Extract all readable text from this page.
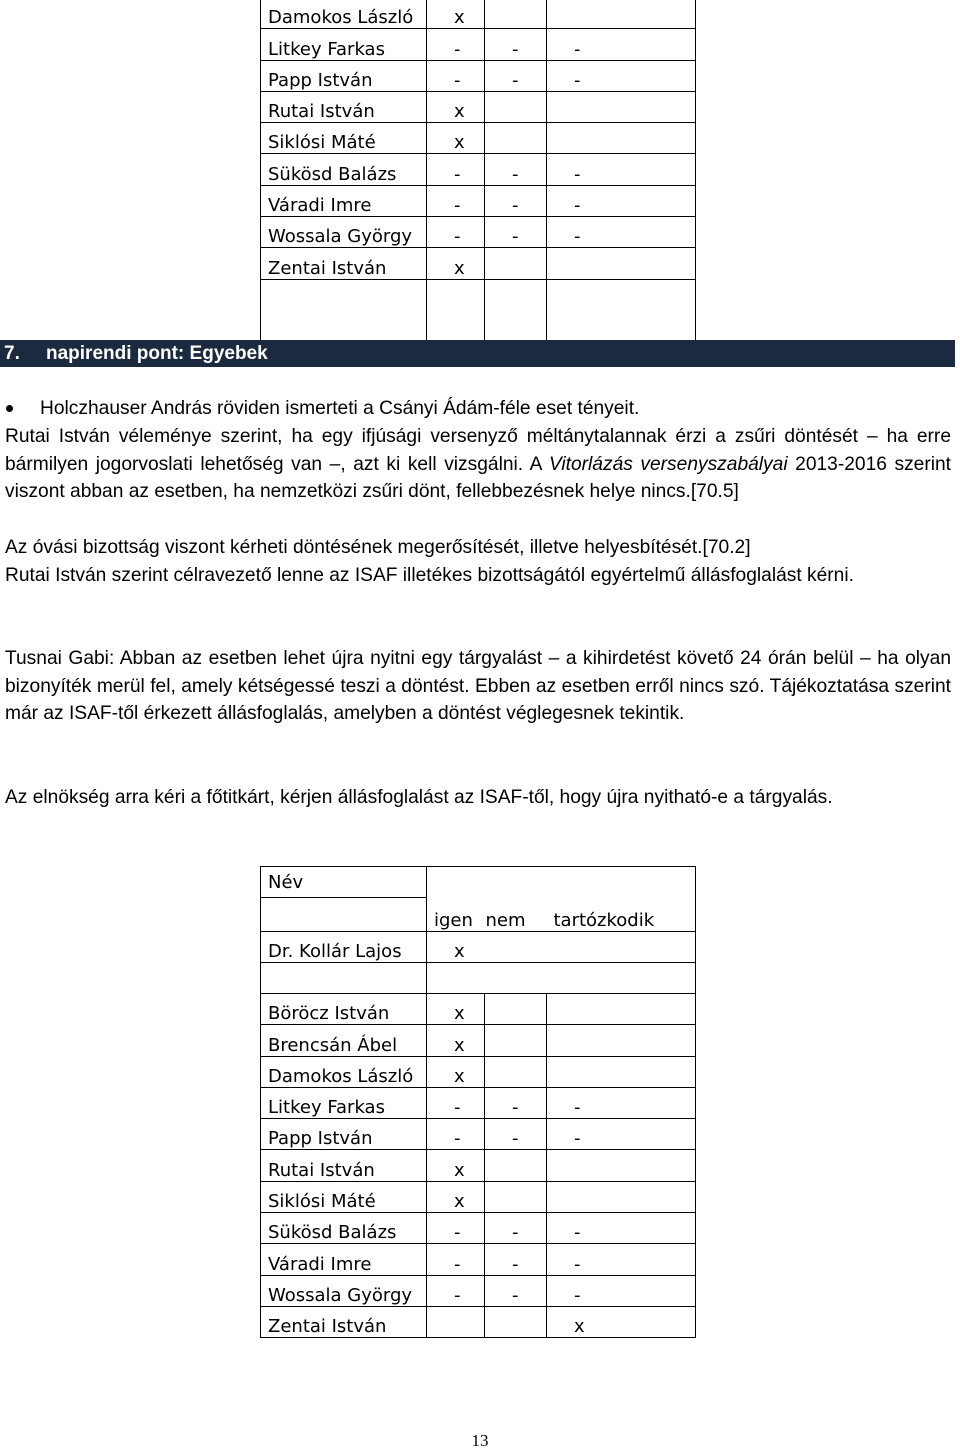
Damokos László	x		
Litkey Farkas	-	-	-
Papp István	-	-	-
Rutai István	x		
Siklósi Máté	x		
Sükösd Balázs	-	-	-
Váradi Imre	-	-	-
Wossala György	-	-	-
Zentai István	x		

7. napirendi pont: Egyebek
Holczhauser András röviden ismerteti a Csányi Ádám-féle eset tényeit.

Rutai István véleménye szerint, ha egy ifjúsági versenyző méltánytalannak érzi a zsűri döntését – ha erre bármilyen jogorvoslati lehetőség van –, azt ki kell vizsgálni. A Vitorlázás versenyszabályai 2013-2016 szerint viszont abban az esetben, ha nemzetközi zsűri dönt, fellebbezésnek helye nincs.[70.5]

Az óvási bizottság viszont kérheti döntésének megerősítését, illetve helyesbítését.[70.2]

Rutai István szerint célravezető lenne az ISAF illetékes bizottságától egyértelmű állásfoglalást kérni.

Tusnai Gabi: Abban az esetben lehet újra nyitni egy tárgyalást – a kihirdetést követő 24 órán belül – ha olyan bizonyíték merül fel, amely kétségessé teszi a döntést. Ebben az esetben erről nincs szó. Tájékoztatása szerint már az ISAF-től érkezett állásfoglalás, amelyben a döntést véglegesnek tekintik.

Az elnökség arra kéri a főtitkárt, kérjen állásfoglalást az ISAF-től, hogy újra nyitható-e a tárgyalás.

Név			
	igen	nem	tartózkodik
Dr. Kollár Lajos	x		

Böröcz István	x		
Brencsán Ábel	x		
Damokos László	x		
Litkey Farkas	-	-	-
Papp István	-	-	-
Rutai István	x		
Siklósi Máté	x		
Sükösd Balázs	-	-	-
Váradi Imre	-	-	-
Wossala György	-	-	-
Zentai István			x
13
